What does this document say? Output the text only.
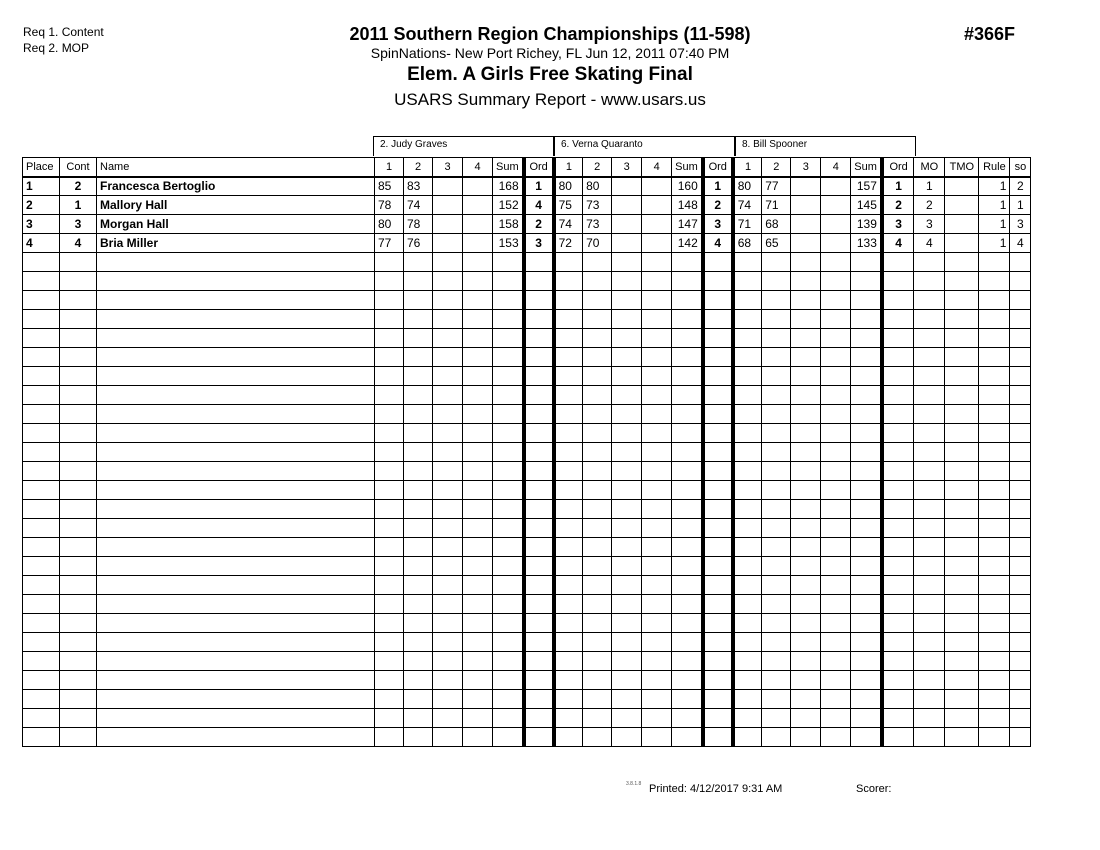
Req 1. Content
Req 2. MOP
2011 Southern Region Championships (11-598)
SpinNations- New Port Richey, FL Jun 12, 2011 07:40 PM
Elem. A Girls Free Skating Final
USARS Summary Report - www.usars.us
#366F
2. Judy Graves	6. Verna Quaranto	8. Bill Spooner
Place	Cont	Name	1	2	3	4	Sum	Ord	1	2	3	4	Sum	Ord	1	2	3	4	Sum	Ord	MO	TMO	Rule	so
1	2	Francesca Bertoglio	85	83			168	1	80	80			160	1	80	77			157	1	1		1	2
2	1	Mallory Hall	78	74			152	4	75	73			148	2	74	71			145	2	2		1	1
3	3	Morgan Hall	80	78			158	2	74	73			147	3	71	68			139	3	3		1	3
4	4	Bria Miller	77	76			153	3	72	70			142	4	68	65			133	4	4		1	4

3.8.1.8 Printed: 4/12/2017 9:31 AM	Scorer:
